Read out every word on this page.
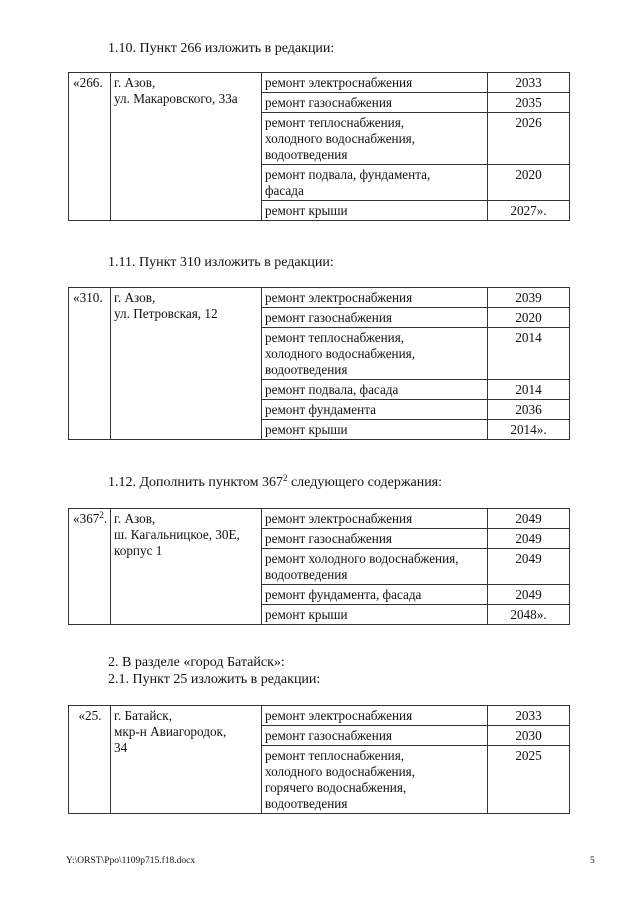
1.10. Пункт 266 изложить в редакции:
«266.	г. Азов,
ул. Макаровского, 33а	ремонт электроснабжения	2033
		ремонт газоснабжения	2035
		ремонт теплоснабжения,
холодного водоснабжения,
водоотведения	2026
		ремонт подвала, фундамента,
фасада	2020
		ремонт крыши	2027».
1.11. Пункт 310 изложить в редакции:
«310.	г. Азов,
ул. Петровская, 12	ремонт электроснабжения	2039
		ремонт газоснабжения	2020
		ремонт теплоснабжения,
холодного водоснабжения,
водоотведения	2014
		ремонт подвала, фасада	2014
		ремонт фундамента	2036
		ремонт крыши	2014».
1.12. Дополнить пунктом $367^2$ следующего содержания:
«$367^2$.	г. Азов,
ш. Кагальницкое, 30Е,
корпус 1	ремонт электроснабжения	2049
		ремонт газоснабжения	2049
		ремонт холодного водоснабжения,
водоотведения	2049
		ремонт фундамента, фасада	2049
		ремонт крыши	2048».
2. В разделе «город Батайск»:
2.1. Пункт 25 изложить в редакции:
«25.	г. Батайск,
мкр-н Авиагородок,
34	ремонт электроснабжения	2033
		ремонт газоснабжения	2030
		ремонт теплоснабжения,
холодного водоснабжения,
горячего водоснабжения,
водоотведения	2025
Y:\ORST\Ppo\1109p715.f18.docx	5
